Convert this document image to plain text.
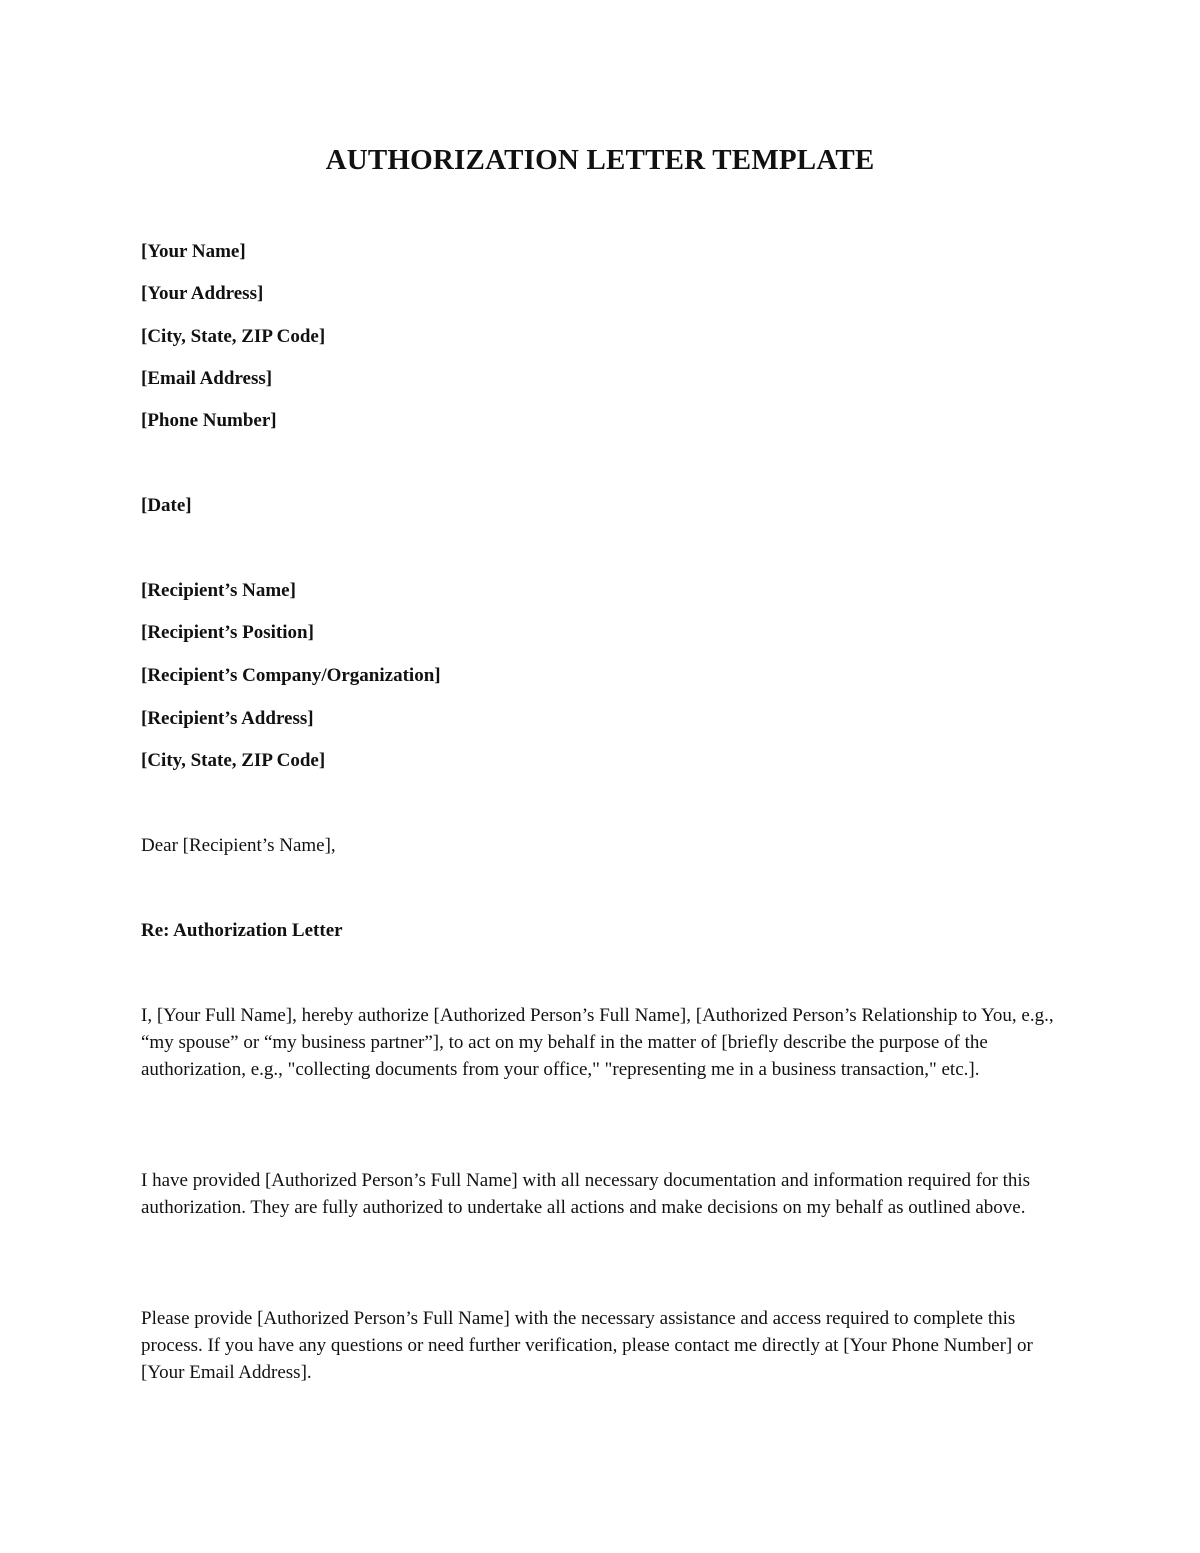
AUTHORIZATION LETTER TEMPLATE
[Your Name]
[Your Address]
[City, State, ZIP Code]
[Email Address]
[Phone Number]
[Date]
[Recipient’s Name]
[Recipient’s Position]
[Recipient’s Company/Organization]
[Recipient’s Address]
[City, State, ZIP Code]
Dear [Recipient’s Name],
Re: Authorization Letter
I, [Your Full Name], hereby authorize [Authorized Person’s Full Name], [Authorized Person’s Relationship to You, e.g., “my spouse” or “my business partner”], to act on my behalf in the matter of [briefly describe the purpose of the authorization, e.g., "collecting documents from your office," "representing me in a business transaction," etc.].
I have provided [Authorized Person’s Full Name] with all necessary documentation and information required for this authorization. They are fully authorized to undertake all actions and make decisions on my behalf as outlined above.
Please provide [Authorized Person’s Full Name] with the necessary assistance and access required to complete this process. If you have any questions or need further verification, please contact me directly at [Your Phone Number] or [Your Email Address].
